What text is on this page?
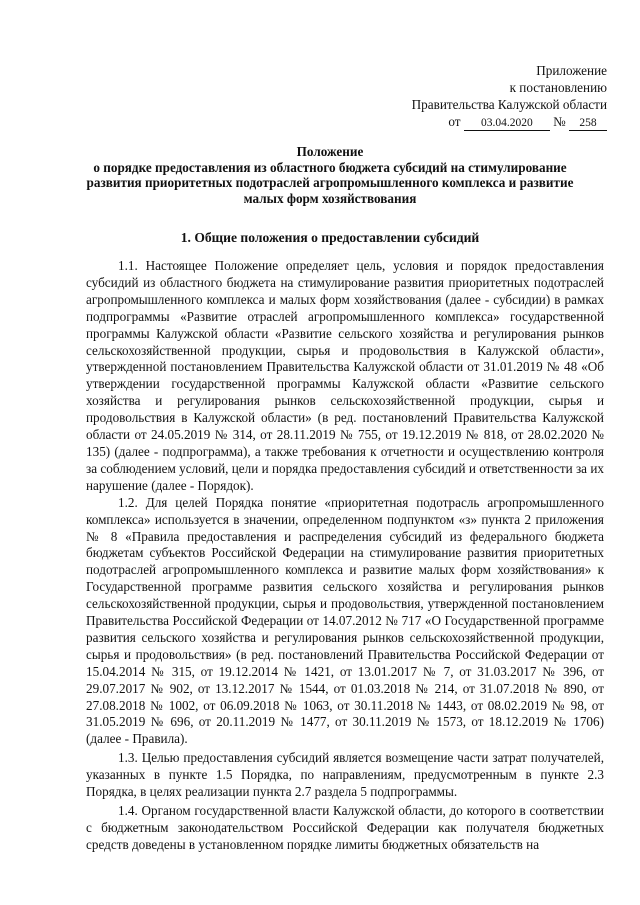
Приложение
к постановлению
Правительства Калужской области
от 03.04.2020 № 258
Положение
о порядке предоставления из областного бюджета субсидий на стимулирование
развития приоритетных подотраслей агропромышленного комплекса и развитие
малых форм хозяйствования
1. Общие положения о предоставлении субсидий

1.1. Настоящее Положение определяет цель, условия и порядок предоставления субсидий из областного бюджета на стимулирование развития приоритетных подотраслей агропромышленного комплекса и малых форм хозяйствования (далее - субсидии) в рамках подпрограммы «Развитие отраслей агропромышленного комплекса» государственной программы Калужской области «Развитие сельского хозяйства и регулирования рынков сельскохозяйственной продукции, сырья и продовольствия в Калужской области», утвержденной постановлением Правительства Калужской области от 31.01.2019 № 48 «Об утверждении государственной программы Калужской области «Развитие сельского хозяйства и регулирования рынков сельскохозяйственной продукции, сырья и продовольствия в Калужской области» (в ред. постановлений Правительства Калужской области от 24.05.2019 № 314, от 28.11.2019 № 755, от 19.12.2019 № 818, от 28.02.2020 № 135) (далее - подпрограмма), а также требования к отчетности и осуществлению контроля за соблюдением условий, цели и порядка предоставления субсидий и ответственности за их нарушение (далее - Порядок).

1.2. Для целей Порядка понятие «приоритетная подотрасль агропромышленного комплекса» используется в значении, определенном подпунктом «з» пункта 2 приложения № 8 «Правила предоставления и распределения субсидий из федерального бюджета бюджетам субъектов Российской Федерации на стимулирование развития приоритетных подотраслей агропромышленного комплекса и развитие малых форм хозяйствования» к Государственной программе развития сельского хозяйства и регулирования рынков сельскохозяйственной продукции, сырья и продовольствия, утвержденной постановлением Правительства Российской Федерации от 14.07.2012 № 717 «О Государственной программе развития сельского хозяйства и регулирования рынков сельскохозяйственной продукции, сырья и продовольствия» (в ред. постановлений Правительства Российской Федерации от 15.04.2014 № 315, от 19.12.2014 № 1421, от 13.01.2017 № 7, от 31.03.2017 № 396, от 29.07.2017 № 902, от 13.12.2017 № 1544, от 01.03.2018 № 214, от 31.07.2018 № 890, от 27.08.2018 № 1002, от 06.09.2018 № 1063, от 30.11.2018 № 1443, от 08.02.2019 № 98, от 31.05.2019 № 696, от 20.11.2019 № 1477, от 30.11.2019 № 1573, от 18.12.2019 № 1706) (далее - Правила).

1.3. Целью предоставления субсидий является возмещение части затрат получателей, указанных в пункте 1.5 Порядка, по направлениям, предусмотренным в пункте 2.3 Порядка, в целях реализации пункта 2.7 раздела 5 подпрограммы.

1.4. Органом государственной власти Калужской области, до которого в соответствии с бюджетным законодательством Российской Федерации как получателя бюджетных средств доведены в установленном порядке лимиты бюджетных обязательств на
